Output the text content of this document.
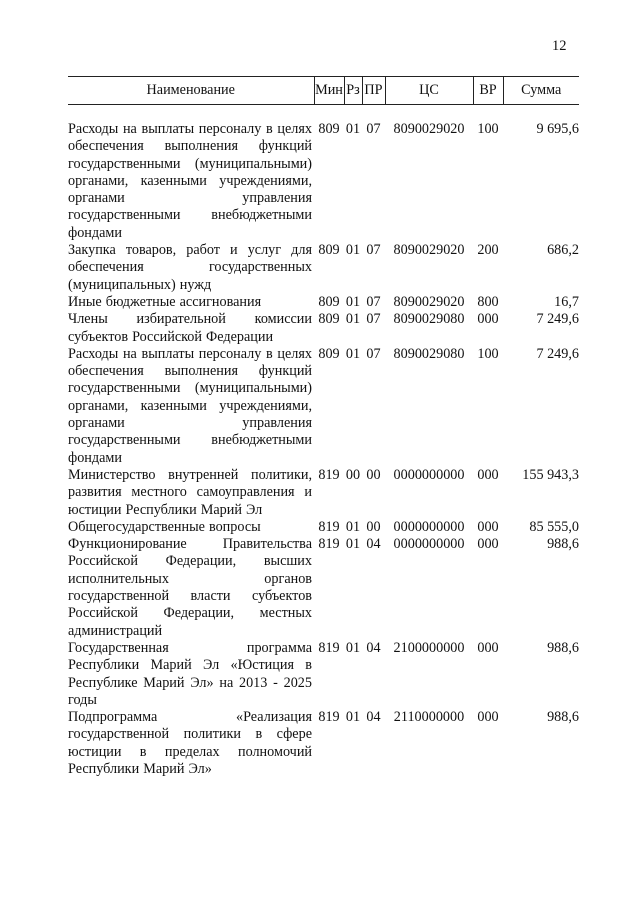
12
Наименование	Мин	Рз	ПР	ЦС	ВР	Сумма

Расходы на выплаты персоналу в целях обеспечения выполнения функций государственными (муниципальными) органами, казенными учреждениями, органами управления государственными внебюджетными фондами	809	01	07	8090029020	100	9 695,6
Закупка товаров, работ и услуг для обеспечения государственных (муниципальных) нужд	809	01	07	8090029020	200	686,2
Иные бюджетные ассигнования	809	01	07	8090029020	800	16,7
Члены избирательной комиссии субъектов Российской Федерации	809	01	07	8090029080	000	7 249,6
Расходы на выплаты персоналу в целях обеспечения выполнения функций государственными (муниципальными) органами, казенными учреждениями, органами управления государственными внебюджетными фондами	809	01	07	8090029080	100	7 249,6
Министерство внутренней политики, развития местного самоуправления и юстиции Республики Марий Эл	819	00	00	0000000000	000	155 943,3
Общегосударственные вопросы	819	01	00	0000000000	000	85 555,0
Функционирование Правительства Российской Федерации, высших исполнительных органов государственной власти субъектов Российской Федерации, местных администраций	819	01	04	0000000000	000	988,6
Государственная программа Республики Марий Эл «Юстиция в Республике Марий Эл» на 2013 - 2025 годы	819	01	04	2100000000	000	988,6
Подпрограмма «Реализация государственной политики в сфере юстиции в пределах полномочий Республики Марий Эл»	819	01	04	2110000000	000	988,6
